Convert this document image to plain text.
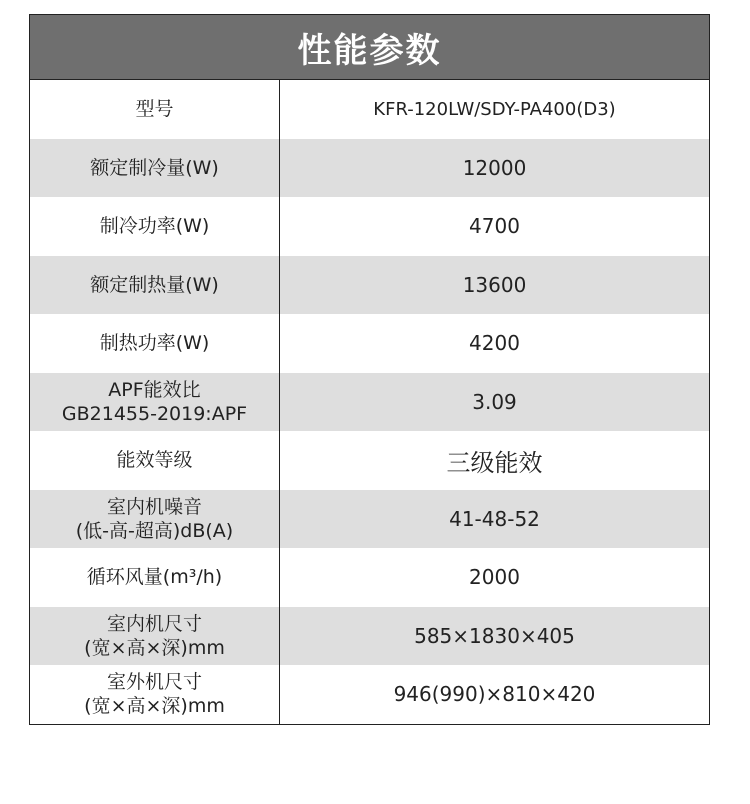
性能参数
型号	KFR-120LW/SDY-PA400(D3)
额定制冷量(W)	12000
制冷功率(W)	4700
额定制热量(W)	13600
制热功率(W)	4200
APF能效比
GB21455-2019:APF	3.09
能效等级	三级能效
室内机噪音
(低-高-超高)dB(A)	41-48-52
循环风量(m³/h)	2000
室内机尺寸
(宽×高×深)mm	585×1830×405
室外机尺寸
(宽×高×深)mm	946(990)×810×420
